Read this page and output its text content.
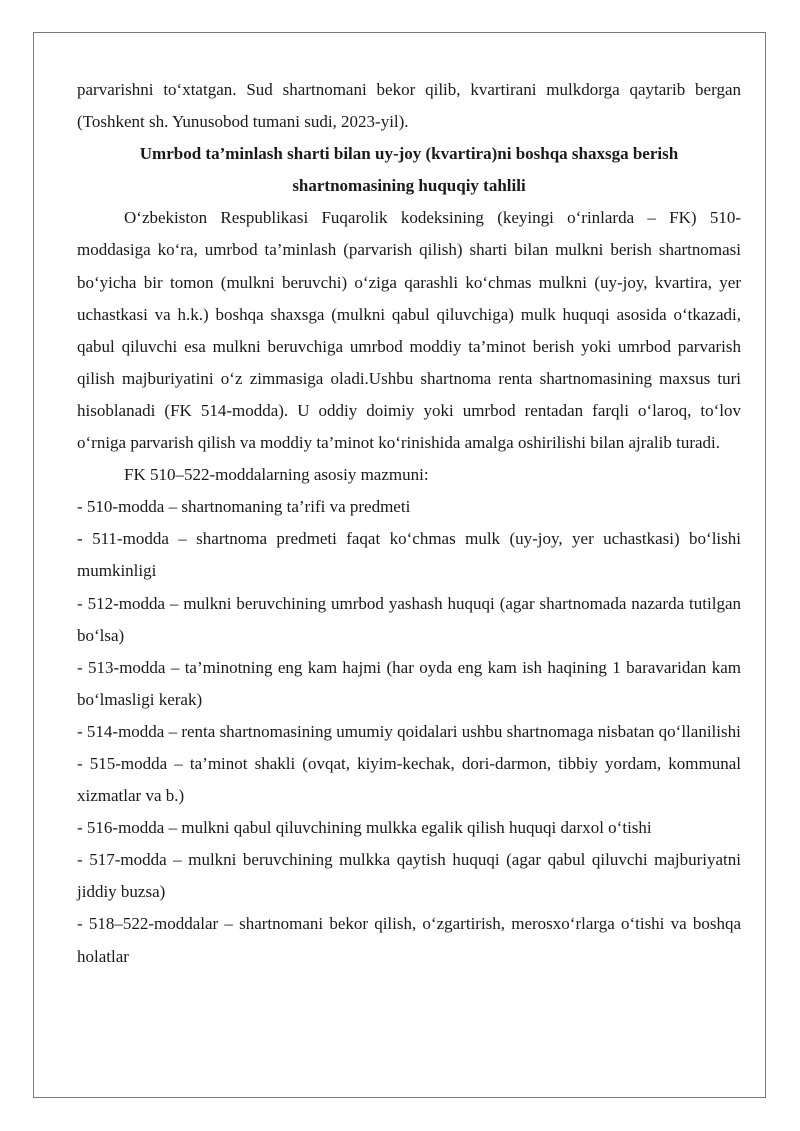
parvarishni to‘xtatgan. Sud shartnomani bekor qilib, kvartirani mulkdorga qaytarib bergan (Toshkent sh. Yunusobod tumani sudi, 2023-yil).

Umrbod ta’minlash sharti bilan uy-joy (kvartira)ni boshqa shaxsga berish shartnomasining huquqiy tahlili

O‘zbekiston Respublikasi Fuqarolik kodeksining (keyingi o‘rinlarda – FK) 510-moddasiga ko‘ra, umrbod ta’minlash (parvarish qilish) sharti bilan mulkni berish shartnomasi bo‘yicha bir tomon (mulkni beruvchi) o‘ziga qarashli ko‘chmas mulkni (uy-joy, kvartira, yer uchastkasi va h.k.) boshqa shaxsga (mulkni qabul qiluvchiga) mulk huquqi asosida o‘tkazadi, qabul qiluvchi esa mulkni beruvchiga umrbod moddiy ta’minot berish yoki umrbod parvarish qilish majburiyatini o‘z zimmasiga oladi.Ushbu shartnoma renta shartnomasining maxsus turi hisoblanadi (FK 514-modda). U oddiy doimiy yoki umrbod rentadan farqli o‘laroq, to‘lov o‘rniga parvarish qilish va moddiy ta’minot ko‘rinishida amalga oshirilishi bilan ajralib turadi.

FK 510–522-moddalarning asosiy mazmuni:

- 510-modda – shartnomaning ta’rifi va predmeti

- 511-modda – shartnoma predmeti faqat ko‘chmas mulk (uy-joy, yer uchastkasi) bo‘lishi mumkinligi

- 512-modda – mulkni beruvchining umrbod yashash huquqi (agar shartnomada nazarda tutilgan bo‘lsa)

- 513-modda – ta’minotning eng kam hajmi (har oyda eng kam ish haqining 1 baravaridan kam bo‘lmasligi kerak)

- 514-modda – renta shartnomasining umumiy qoidalari ushbu shartnomaga nisbatan qo‘llanilishi

- 515-modda – ta’minot shakli (ovqat, kiyim-kechak, dori-darmon, tibbiy yordam, kommunal xizmatlar va b.)

- 516-modda – mulkni qabul qiluvchining mulkka egalik qilish huquqi darxol o‘tishi

- 517-modda – mulkni beruvchining mulkka qaytish huquqi (agar qabul qiluvchi majburiyatni jiddiy buzsa)

- 518–522-moddalar – shartnomani bekor qilish, o‘zgartirish, merosxo‘rlarga o‘tishi va boshqa holatlar
